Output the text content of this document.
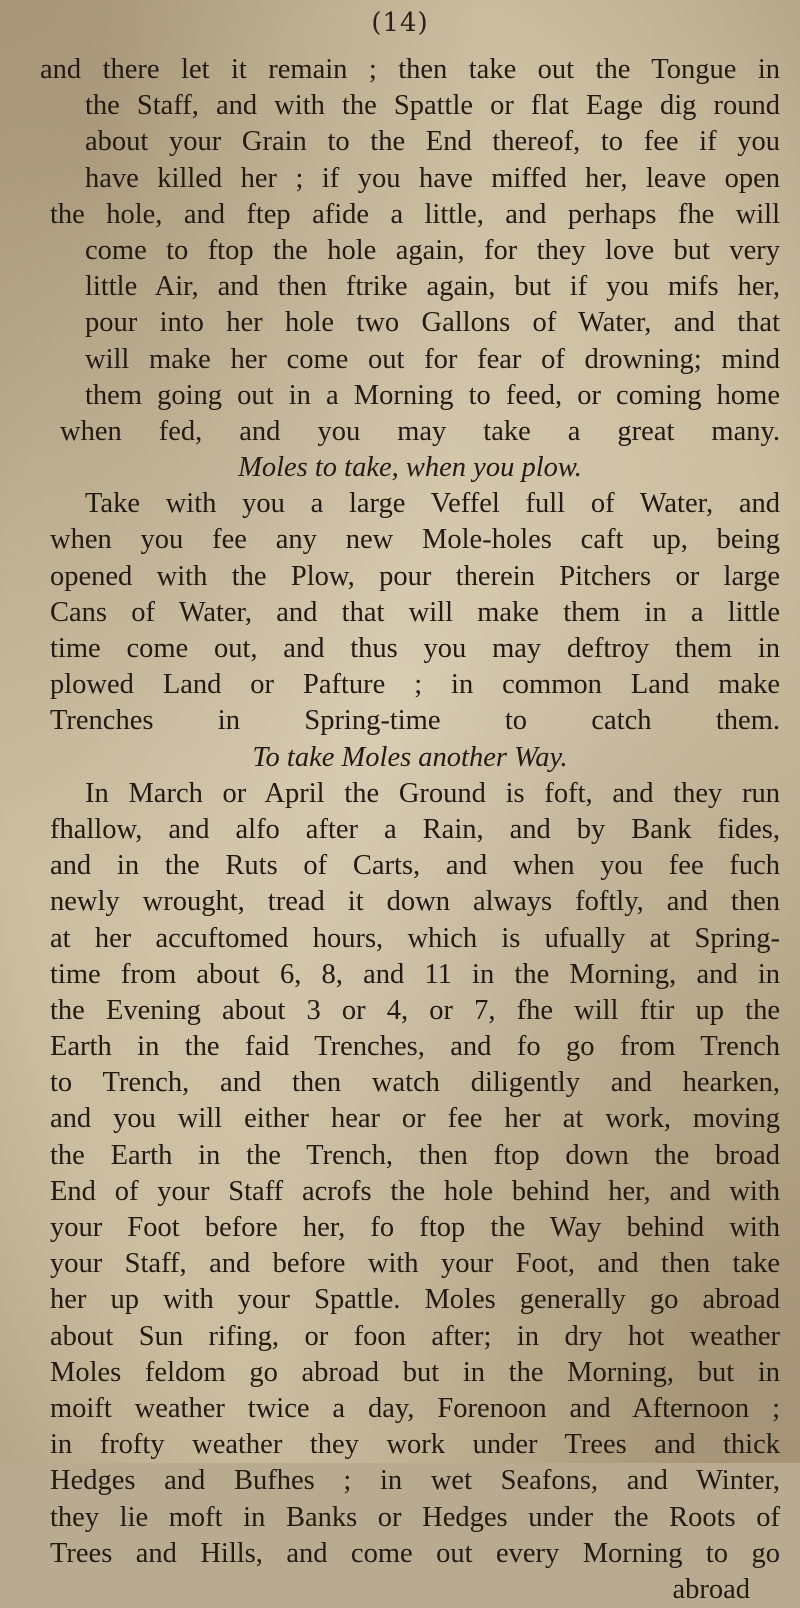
(14)
and there let it remain ; then take out the Tongue in
the Staff, and with the Spattle or flat Eage dig round
about your Grain to the End thereof, to fee if you
have killed her ; if you have miffed her, leave open
the hole, and ftep afide a little, and perhaps fhe will
come to ftop the hole again, for they love but very
little Air, and then ftrike again, but if you mifs her,
pour into her hole two Gallons of Water, and that
will make her come out for fear of drowning; mind
them going out in a Morning to feed, or coming home
when fed, and you may take a great many.
Moles to take, when you plow.
Take with you a large Veffel full of Water, and
when you fee any new Mole-holes caft up, being
opened with the Plow, pour therein Pitchers or large
Cans of Water, and that will make them in a little
time come out, and thus you may deftroy them in
plowed Land or Pafture ; in common Land make
Trenches in Spring-time to catch them.
To take Moles another Way.
In March or April the Ground is foft, and they run
fhallow, and alfo after a Rain, and by Bank fides,
and in the Ruts of Carts, and when you fee fuch
newly wrought, tread it down always foftly, and then
at her accuftomed hours, which is ufually at Spring-
time from about 6, 8, and 11 in the Morning, and in
the Evening about 3 or 4, or 7, fhe will ftir up the
Earth in the faid Trenches, and fo go from Trench
to Trench, and then watch diligently and hearken,
and you will either hear or fee her at work, moving
the Earth in the Trench, then ftop down the broad
End of your Staff acrofs the hole behind her, and with
your Foot before her, fo ftop the Way behind with
your Staff, and before with your Foot, and then take
her up with your Spattle. Moles generally go abroad
about Sun rifing, or foon after; in dry hot weather
Moles feldom go abroad but in the Morning, but in
moift weather twice a day, Forenoon and Afternoon ;
in frofty weather they work under Trees and thick
Hedges and Bufhes ; in wet Seafons, and Winter,
they lie moft in Banks or Hedges under the Roots of
Trees and Hills, and come out every Morning to go
abroad
